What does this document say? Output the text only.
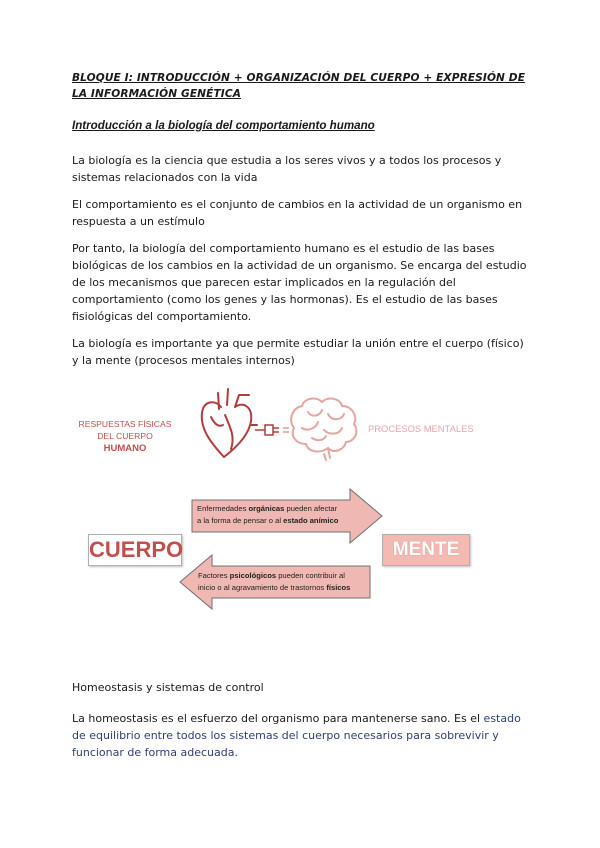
BLOQUE I: INTRODUCCIÓN + ORGANIZACIÓN DEL CUERPO + EXPRESIÓN DE LA INFORMACIÓN GENÉTICA
Introducción a la biología del comportamiento humano
La biología es la ciencia que estudia a los seres vivos y a todos los procesos y sistemas relacionados con la vida
El comportamiento es el conjunto de cambios en la actividad de un organismo en respuesta a un estímulo
Por tanto, la biología del comportamiento humano es el estudio de las bases biológicas de los cambios en la actividad de un organismo. Se encarga del estudio de los mecanismos que parecen estar implicados en la regulación del comportamiento (como los genes y las hormonas). Es el estudio de las bases fisiológicas del comportamiento.
La biología es importante ya que permite estudiar la unión entre el cuerpo (físico) y la mente (procesos mentales internos)
RESPUESTAS FÍSICAS
DEL CUERPO
HUMANO
PROCESOS MENTALES
Enfermedades orgánicas pueden afectar
a la forma de pensar o al estado anímico
CUERPO	MENTE
Factores psicológicos pueden contribuir al
inicio o al agravamiento de trastornos físicos
Homeostasis y sistemas de control
La homeostasis es el esfuerzo del organismo para mantenerse sano. Es el estado de equilibrio entre todos los sistemas del cuerpo necesarios para sobrevivir y funcionar de forma adecuada.
